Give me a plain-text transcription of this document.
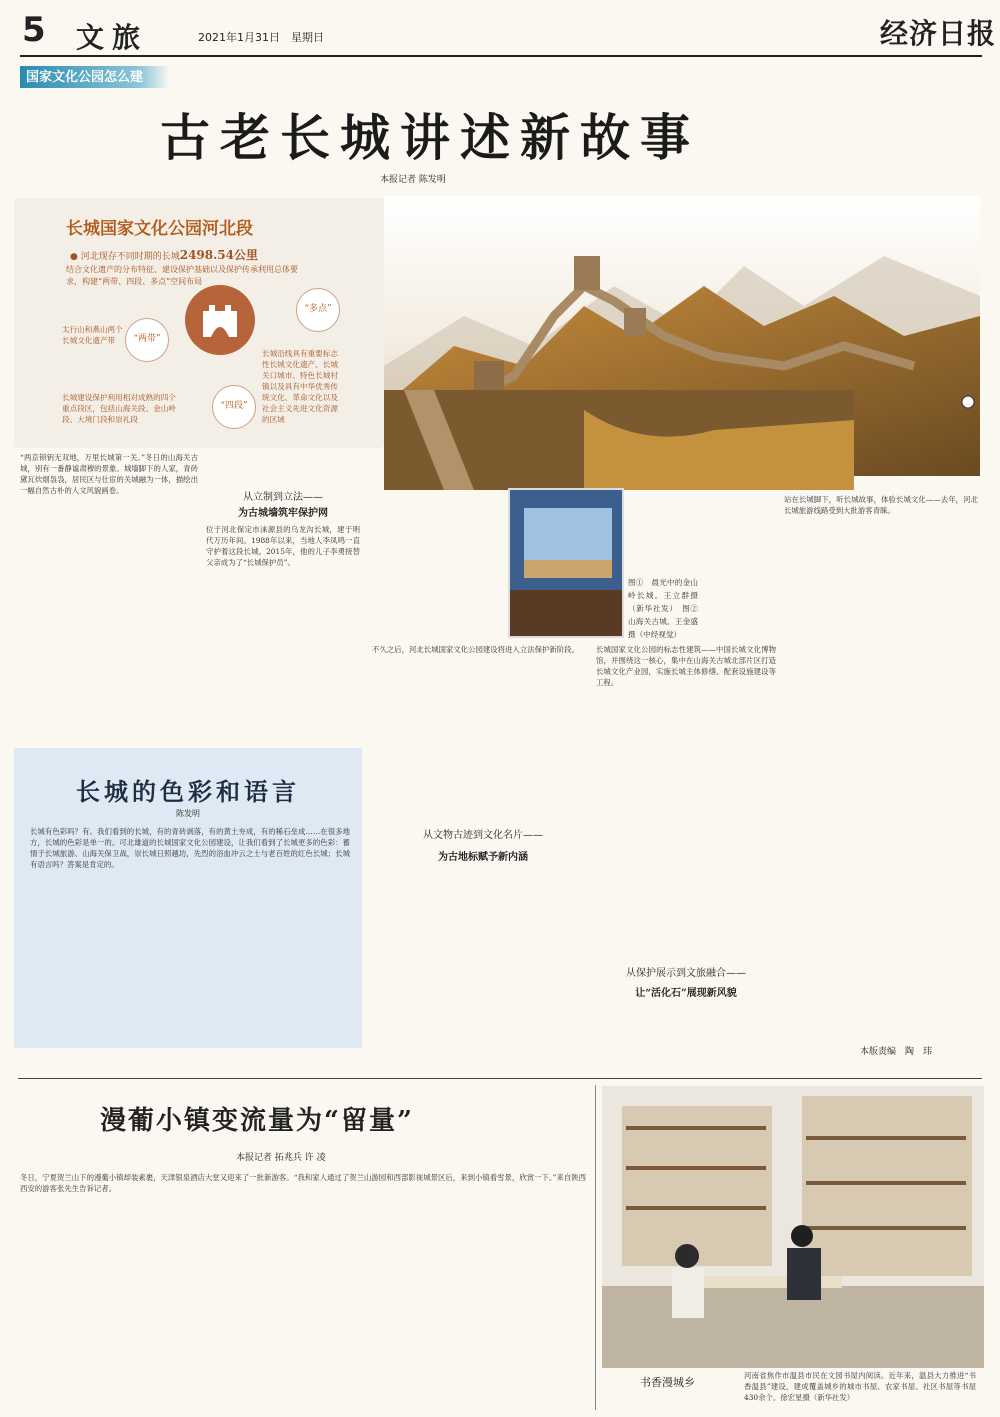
5 文旅	2021年1月31日　 星期日	经济日报
国家文化公园怎么建
古老长城讲述新故事
本报记者 陈发明
长城国家文化公园河北段
● 河北现存不同时期的长城2498.54公里
结合文化遗产的分布特征、建设保护基础以及保护传承利用总体要求，构建“两带、四段、多点”空间布局
“两带”
“多点”
“四段”
太行山和燕山两个长城文化遗产带
长城沿线具有重要标志性长城文化遗产、长城关口城市、特色长城村镇以及具有中华优秀传统文化、革命文化以及社会主义先进文化资源的区域
长城建设保护利用相对成熟的四个重点段区，包括山海关段、金山岭段、大境门段和崇礼段
“两京锁钥无双地，万里长城第一关。”冬日的山海关古城，别有一番静谧肃穆的景象。城墙脚下的人家，青砖黛瓦炊烟袅袅，居民区与仕宦的关城融为一体，描绘出一幅自然古朴的人文风貌画卷。
从立制到立法——
为古城墙筑牢保护网
位于河北保定市涞源县的乌龙沟长城，建于明代万历年间。1988年以来，当地人李凤鸣一直守护着这段长城。2015年，他的儿子李勇接替父亲成为了“长城保护员”。
图①　晨光中的金山岭长城。王立群摄（新华社发）　图②　山海关古城。王金盛摄（中经视觉）
不久之后，河北长城国家文化公园建设将进入立法保护新阶段。
从文物古迹到文化名片——
为古地标赋予新内涵
长城国家文化公园的标志性建筑——中国长城文化博物馆，并围绕这一核心，集中在山海关古城北部片区打造长城文化产业园，实施长城主体修缮、配套设施建设等工程。
从保护展示到文旅融合——
让“活化石”展现新风貌
站在长城脚下，听长城故事，体验长城文化——去年，河北长城旅游线路受到大批游客青睐。
本版责编　陶　玮
长城的色彩和语言
陈发明
长城有色彩吗？有。我们看到的长城，有的青砖剥落，有的黄土夯成，有的稀石垒成……在很多地方，长城的色彩是单一的。可北雄道的长城国家文化公园建设，让我们看到了长城更多的色彩：蓄情于长城旅游、山海关保卫战，崇长城日照越坊，先烈的浴血冲云之士与老百姓的红色长城；长城有语言吗？答案是肯定的。
漫葡小镇变流量为“留量”
本报记者 拓兆兵 许 凌
冬日，宁夏贺兰山下的漫葡小镇却装素裹，天津银泉酒店大堂又迎来了一批新游客。“我和家人通过了贺兰山游园和西部影视城景区后，来到小镇看雪景，欣赏一下。”来自陕西西安的游客张先生告诉记者。
书香漫城乡
河南省焦作市温县市民在文园书屋内阅读。近年来，温县大力推进“书香温县”建设，建成覆盖城乡的城市书屋、农家书屋、社区书屋等书屋430余个。徐宏星摄（新华社发）
